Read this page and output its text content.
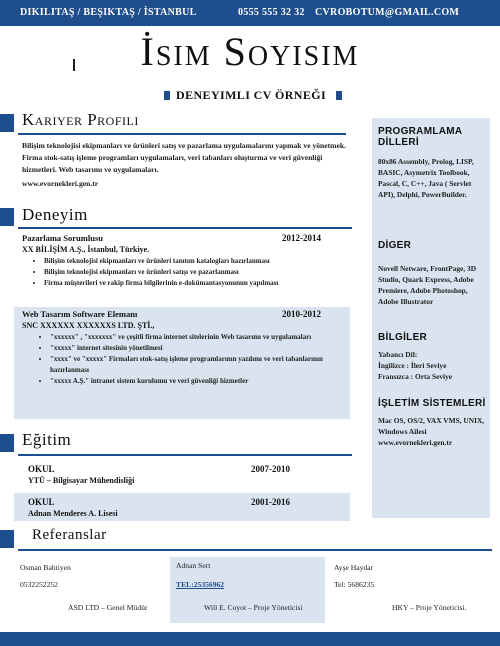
DIKILITAŞ / BEŞIKTAŞ / İSTANBUL	0555 555 32 32 CVROBOTUM@GMAIL.COM
İsim Soyisim
DENEYIMLI CV ÖRNEĞI
Kariyer Profili
Bilişim teknolojisi ekipmanları ve ürünleri satış ve pazarlama uygulamalarını yapmak ve yönetmek. Firma stok-satış işleme programları uygulamaları, veri tabanları oluşturma ve veri güvenliği hizmetleri. Web tasarımı ve uygulamaları.
www.evornekleri.gen.tr
Deneyim
Pazarlama Sorumlusu	2012-2014
XX BİLİŞİM A.Ş., İstanbul, Türkiye.
• Bilişim teknolojisi ekipmanları ve ürünleri tanıtım katalogları hazırlanması
• Bilişim teknolojisi ekipmanları ve ürünleri satışı ve pazarlanması
• Firma müşterileri ve rakip firma bilgilerinin e-dokümantasyonunun yapılması
Web Tasarım Software Elemanı	2010-2012
SNC XXXXXX XXXXXXS LTD. ŞTİ.,
• "xxxxxx" , "xxxxxxx" ve çeşitli firma internet sitelerinin Web tasarımı ve uygulamaları
• "xxxxx" internet sitesinin yönetilmesi
• "xxxx" ve "xxxxx" Firmaları stok-satış işleme programlarının yazılımı ve veri tabanlarının hazırlanması
• "xxxxx A.Ş." intranet sistem kurulumu ve veri güvenliği hizmetler
Eğitim
OKUL	2007-2010
YTÜ – Bilgisayar Mühendisliği
OKUL	2001-2016
Adnan Menderes A. Lisesi
Referanslar
Osman Bahtiyen
0532252252
ASD LTD – Genel Müdür
Adnan Sert
TEL:25356962
Will E. Coyot – Proje Yöneticisi
Ayşe Haydar
Tel: 5686235
HKY – Proje Yöneticisi.
PROGRAMLAMA DİLLERİ
80x86 Assembly, Prolog, LISP, BASIC, Asymetrix Toolbook, Pascal, C, C++, Java ( Servlet API), Delphi, PowerBuilder.
DİGER
Novell Netware, FrontPage, 3D Studio, Quark Express, Adobe Premiere, Adobe Photoshop, Adobe Illustrator
BİLGİLER
Yabancı Dil:
İngilizce : İleri Seviye
Fransızca : Orta Seviye
İŞLETİM SİSTEMLERİ
Mac OS, OS/2, VAX VMS, UNIX, Windows Ailesi
www.evornekleri.gen.tr
